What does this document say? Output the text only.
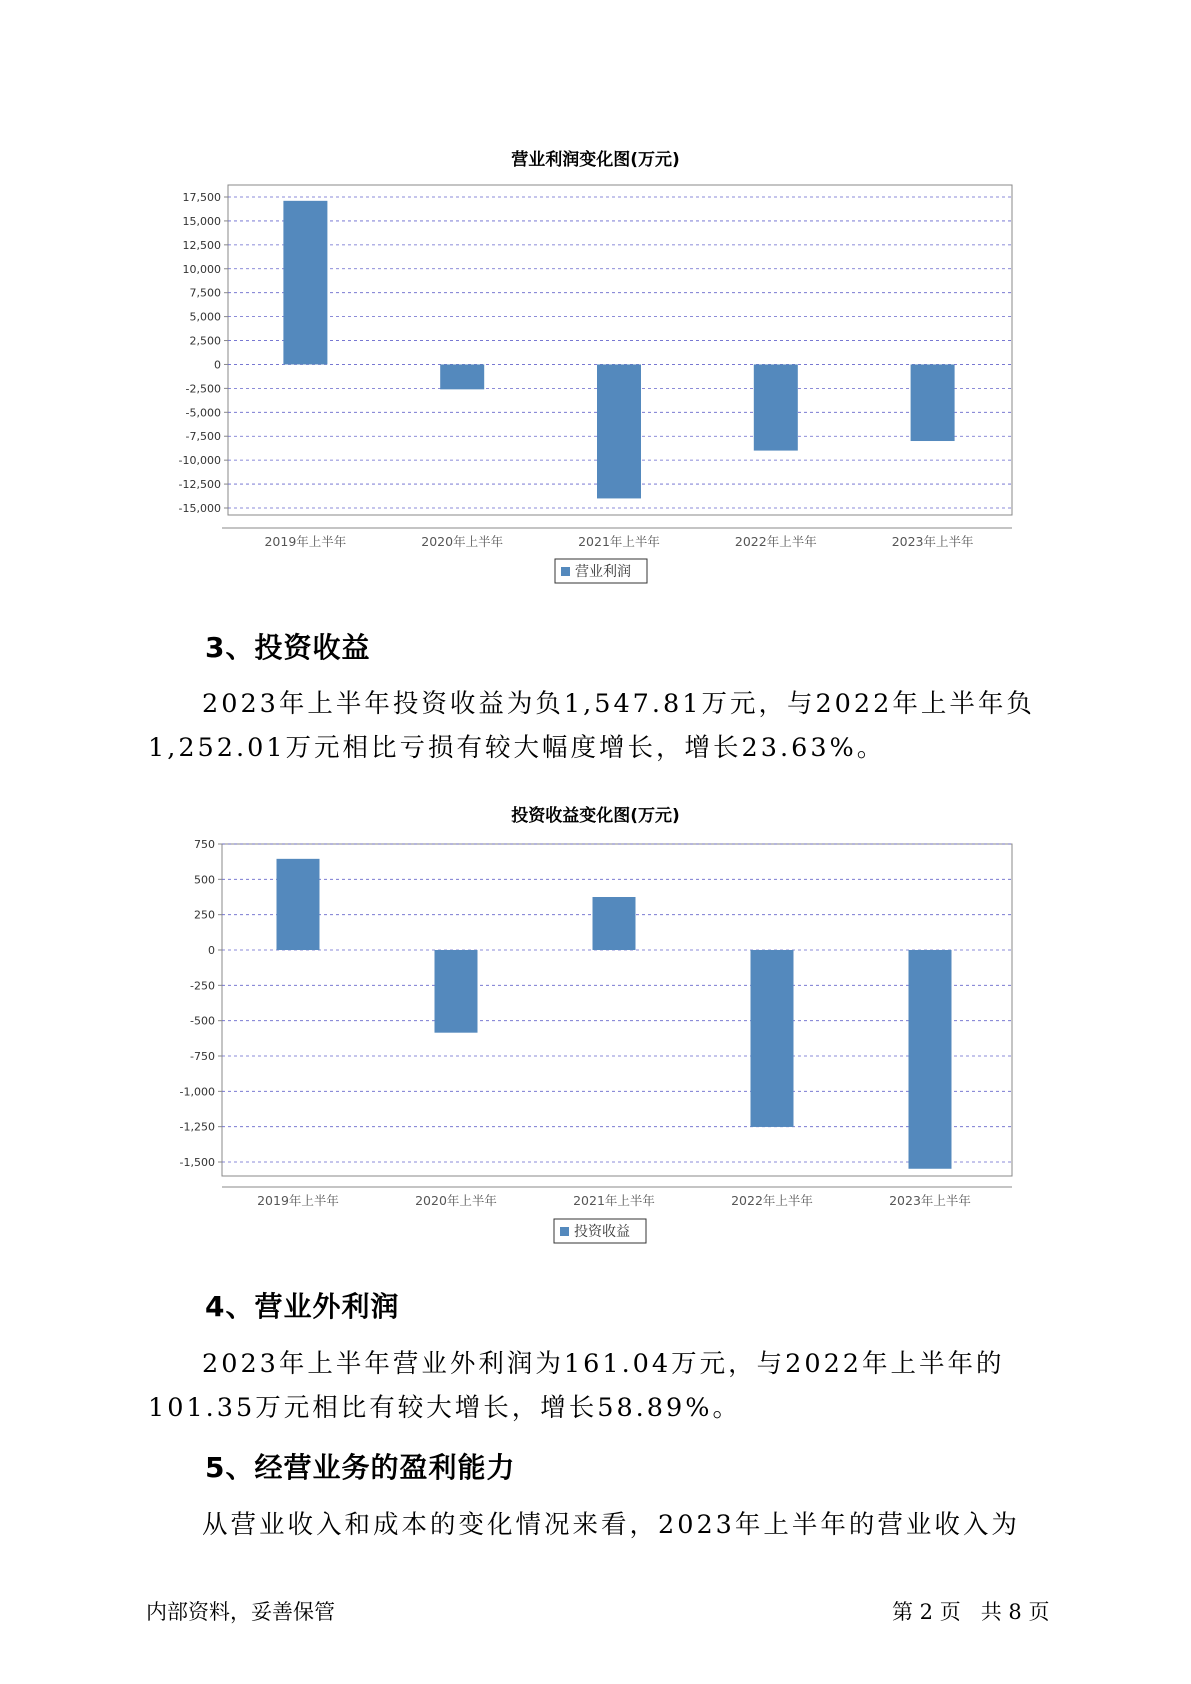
营业利润变化图(万元)
17,500
15,000
12,500
10,000
7,500
5,000
2,500
0
-2,500
-5,000
-7,500
-10,000
-12,500
-15,000
2019年上半年	2020年上半年	2021年上半年	2022年上半年	2023年上半年
营业利润
3、投资收益
2023年上半年投资收益为负1,547.81万元，与2022年上半年负1,252.01万元相比亏损有较大幅度增长，增长23.63%。
投资收益变化图(万元)
750
500
250
0
-250
-500
-750
-1,000
-1,250
-1,500
2019年上半年	2020年上半年	2021年上半年	2022年上半年	2023年上半年
投资收益
4、营业外利润
2023年上半年营业外利润为161.04万元，与2022年上半年的101.35万元相比有较大增长，增长58.89%。
5、经营业务的盈利能力
从营业收入和成本的变化情况来看，2023年上半年的营业收入为
内部资料，妥善保管	第 2 页   共 8 页
